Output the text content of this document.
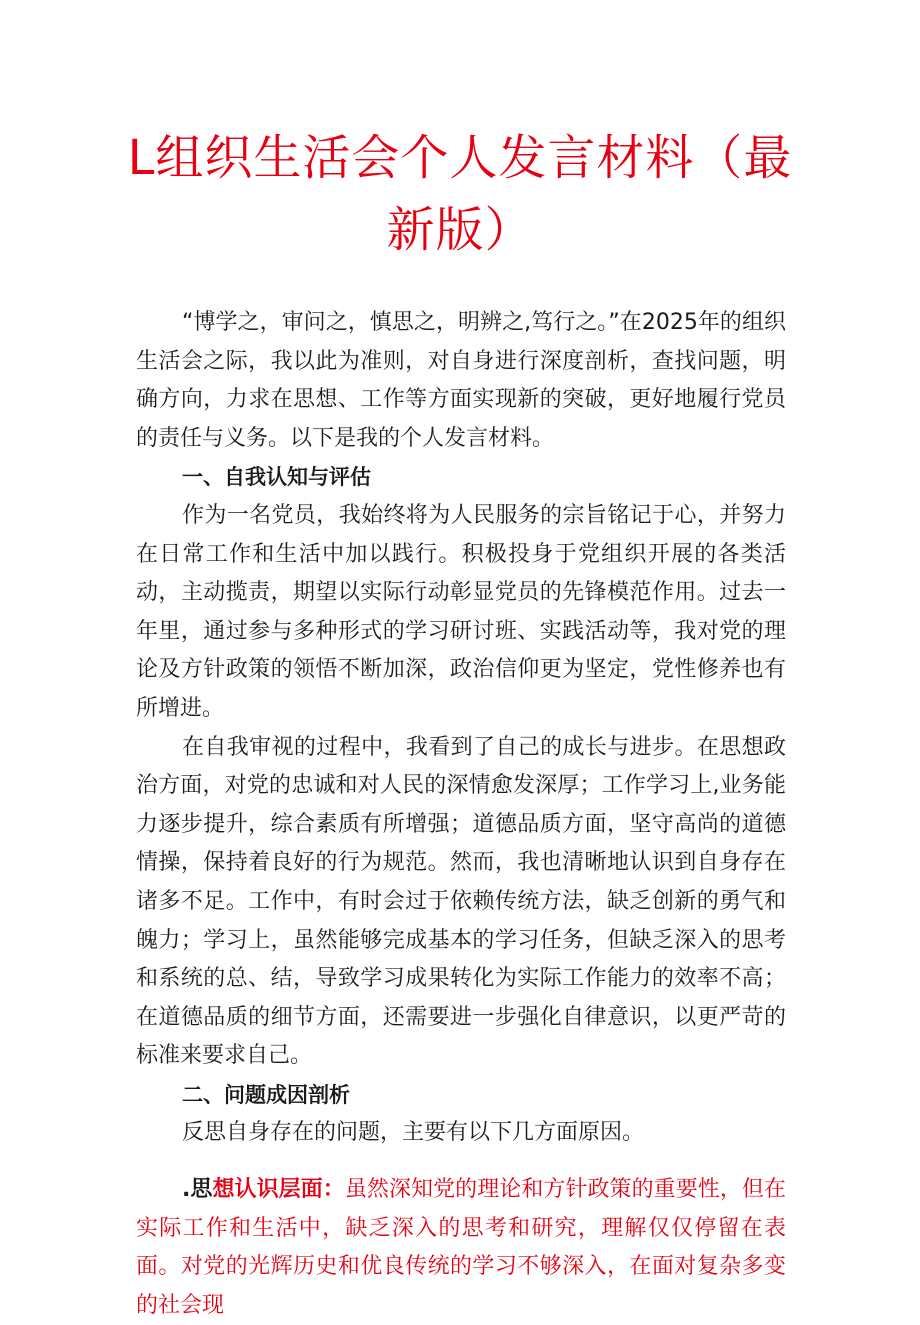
L组织生活会个人发言材料（最新版）

“博学之，审问之，慎思之，明辨之,笃行之。”在2025年的组织生活会之际，我以此为准则，对自身进行深度剖析，查找问题，明确方向，力求在思想、工作等方面实现新的突破，更好地履行党员的责任与义务。以下是我的个人发言材料。

一、自我认知与评估

作为一名党员，我始终将为人民服务的宗旨铭记于心，并努力在日常工作和生活中加以践行。积极投身于党组织开展的各类活动，主动揽责，期望以实际行动彰显党员的先锋模范作用。过去一年里，通过参与多种形式的学习研讨班、实践活动等，我对党的理论及方针政策的领悟不断加深，政治信仰更为坚定，党性修养也有所增进。

在自我审视的过程中，我看到了自己的成长与进步。在思想政治方面，对党的忠诚和对人民的深情愈发深厚；工作学习上,业务能力逐步提升，综合素质有所增强；道德品质方面，坚守高尚的道德情操，保持着良好的行为规范。然而，我也清晰地认识到自身存在诸多不足。工作中，有时会过于依赖传统方法，缺乏创新的勇气和魄力；学习上，虽然能够完成基本的学习任务，但缺乏深入的思考和系统的总、结，导致学习成果转化为实际工作能力的效率不高；在道德品质的细节方面，还需要进一步强化自律意识，以更严苛的标准来要求自己。

二、问题成因剖析

反思自身存在的问题，主要有以下几方面原因。

.思想认识层面：虽然深知党的理论和方针政策的重要性，但在实际工作和生活中，缺乏深入的思考和研究，理解仅仅停留在表面。对党的光辉历史和优良传统的学习不够深入，在面对复杂多变的社会现
